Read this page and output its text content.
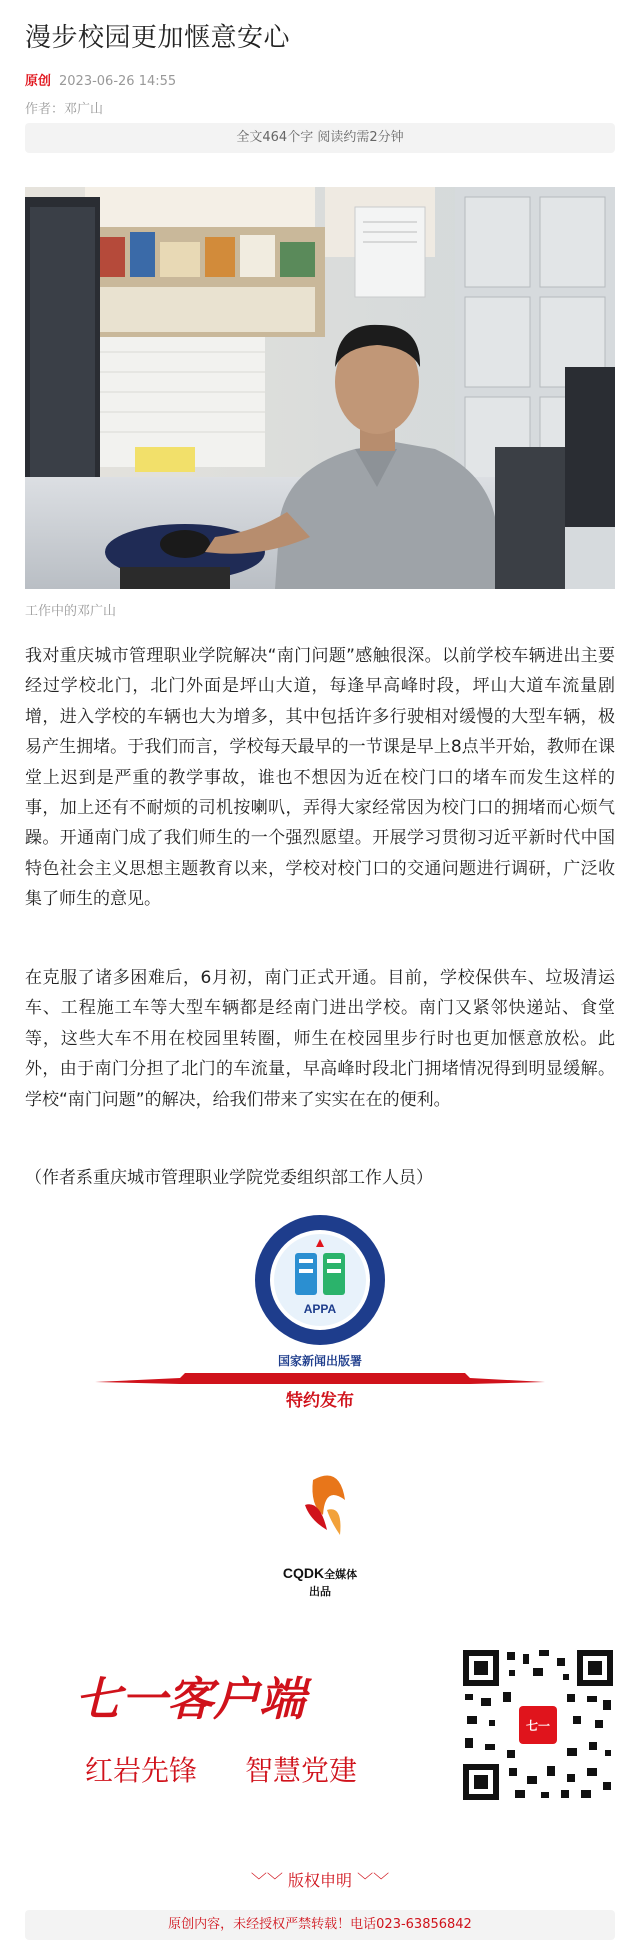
漫步校园更加惬意安心
原创 2023-06-26 14:55
作者：邓广山
全文464个字 阅读约需2分钟
工作中的邓广山

我对重庆城市管理职业学院解决“南门问题”感触很深。以前学校车辆进出主要经过学校北门，北门外面是坪山大道，每逢早高峰时段，坪山大道车流量剧增，进入学校的车辆也大为增多，其中包括许多行驶相对缓慢的大型车辆，极易产生拥堵。于我们而言，学校每天最早的一节课是早上8点半开始，教师在课堂上迟到是严重的教学事故，谁也不想因为近在校门口的堵车而发生这样的事，加上还有不耐烦的司机按喇叭，弄得大家经常因为校门口的拥堵而心烦气躁。开通南门成了我们师生的一个强烈愿望。开展学习贯彻习近平新时代中国特色社会主义思想主题教育以来，学校对校门口的交通问题进行调研，广泛收集了师生的意见。

在克服了诸多困难后，6月初，南门正式开通。目前，学校保供车、垃圾清运车、工程施工车等大型车辆都是经南门进出学校。南门又紧邻快递站、食堂等，这些大车不用在校园里转圈，师生在校园里步行时也更加惬意放松。此外，由于南门分担了北门的车流量，早高峰时段北门拥堵情况得到明显缓解。学校“南门问题”的解决，给我们带来了实实在在的便利。

（作者系重庆城市管理职业学院党委组织部工作人员）
APPA
国家新闻出版署
特约发布
CQDK全媒体
出品
七一客户端
红岩先锋 智慧党建
七一
﹀﹀ 版权申明 ﹀﹀
原创内容，未经授权严禁转载！电话023-63856842
